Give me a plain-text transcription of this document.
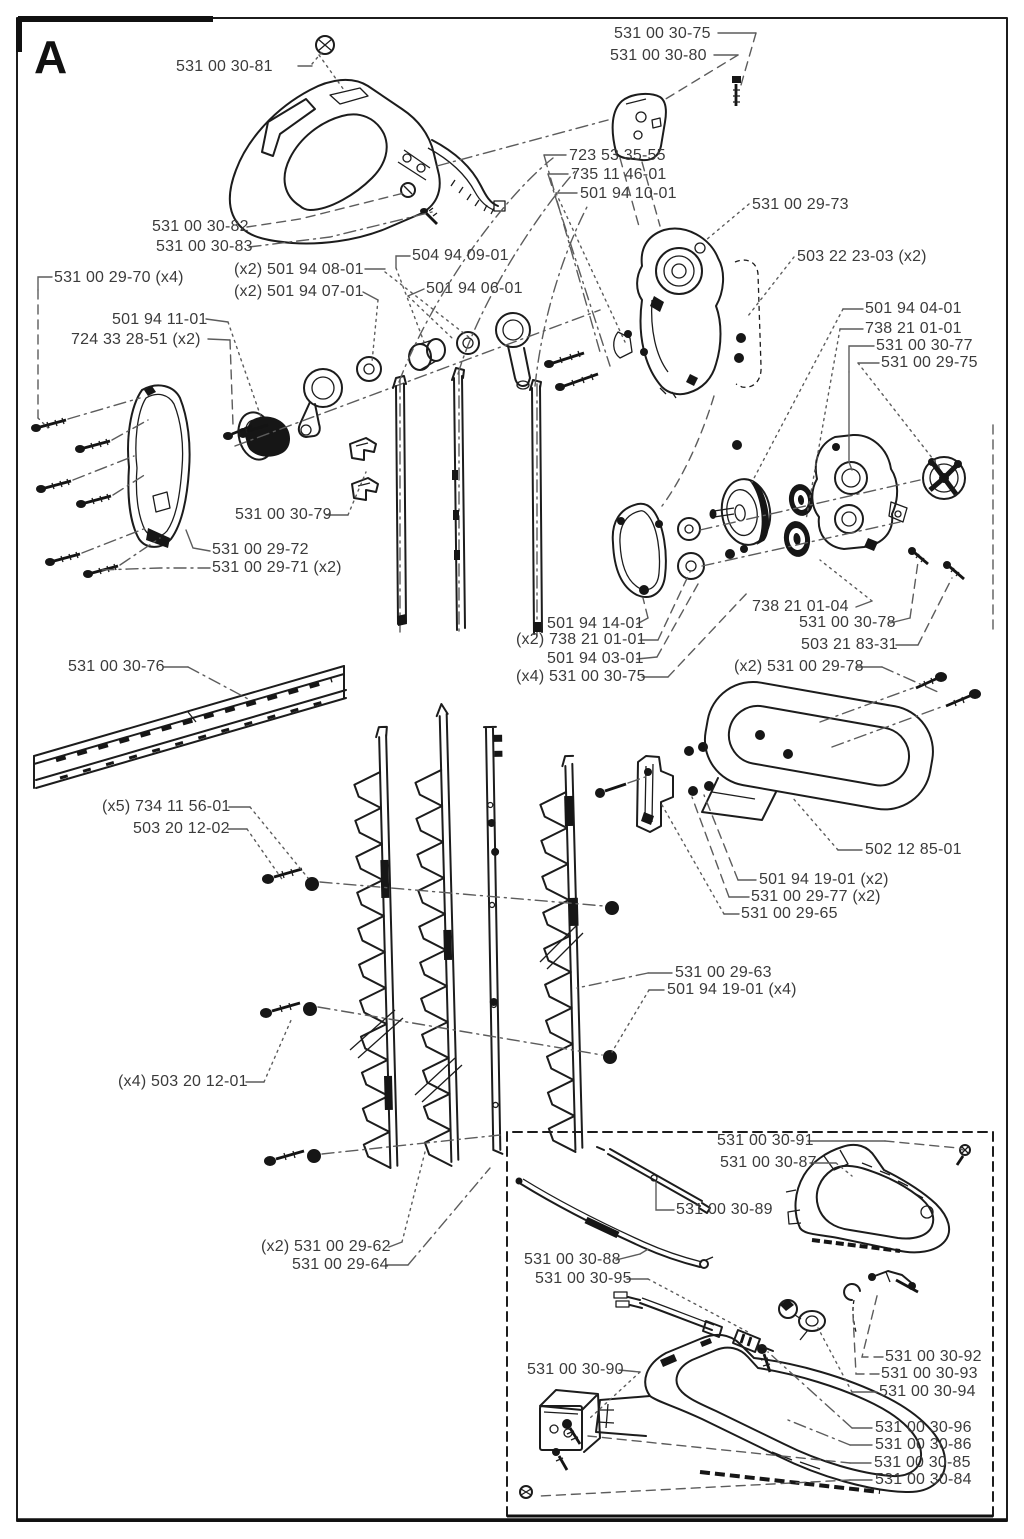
A	531 00 30-81
531 00 30-75
531 00 30-80
723 53 35-55
735 11 46-01
501 94 10-01
531 00 29-73
503 22 23-03 (x2)
531 00 30-82
531 00 30-83
(x2) 501 94 08-01
(x2) 501 94 07-01
504 94 09-01
501 94 06-01
531 00 29-70 (x4)
501 94 11-01
724 33 28-51 (x2)
501 94 04-01
738 21 01-01
531 00 30-77
531 00 29-75
531 00 30-79
531 00 29-72
531 00 29-71 (x2)
501 94 14-01
(x2) 738 21 01-01
501 94 03-01
(x4) 531 00 30-75
738 21 01-04
531 00 30-78
503 21 83-31
(x2) 531 00 29-78
531 00 30-76
(x5) 734 11 56-01
503 20 12-02
502 12 85-01
501 94 19-01 (x2)
531 00 29-77 (x2)
531 00 29-65
531 00 29-63
501 94 19-01 (x4)
(x4) 503 20 12-01
(x2) 531 00 29-62
531 00 29-64
531 00 30-91
531 00 30-87
531 00 30-89
531 00 30-88
531 00 30-95
531 00 30-90
531 00 30-92
531 00 30-93
531 00 30-94
531 00 30-96
531 00 30-86
531 00 30-85
531 00 30-84
